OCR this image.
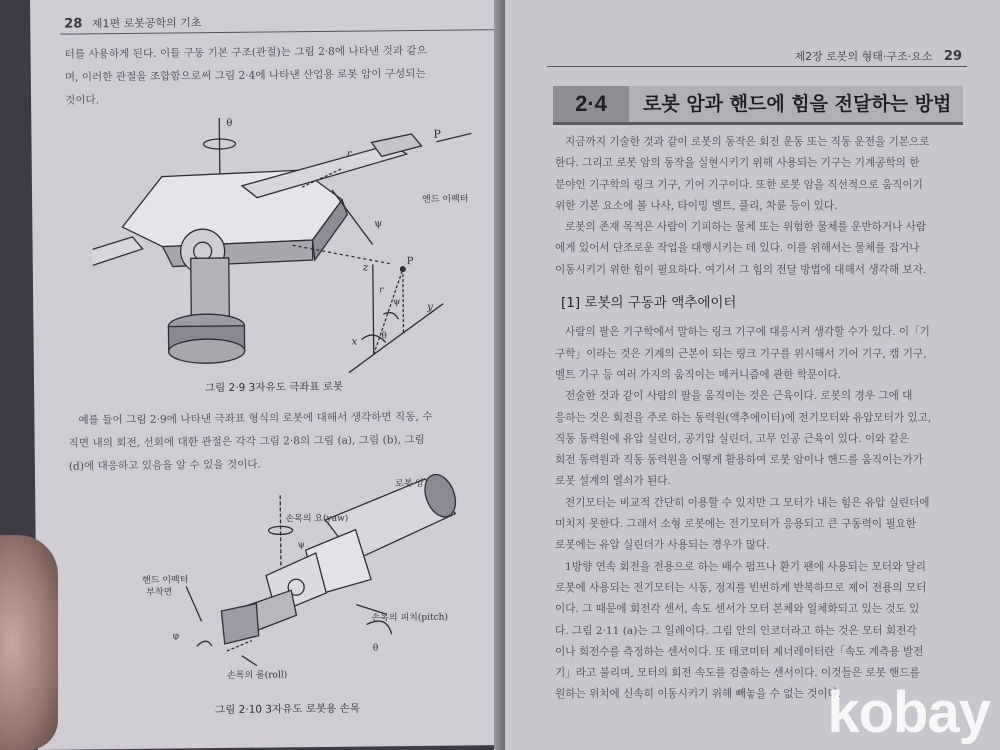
28 제1편 로봇공학의 기초
터를 사용하게 된다. 이들 구동 기본 구조(관절)는 그림 2·8에 나타낸 것과 같으
며, 이러한 관절을 조합함으로써 그림 2·4에 나타낸 산업용 로봇 암이 구성되는
것이다.
θ
P
r
엔드 이펙터
ψ
z
P
r
ψ	y
x
θ
그림 2·9 3자유도 극좌표 로봇
예를 들어 그림 2·9에 나타낸 극좌표 형식의 로봇에 대해서 생각하면 직동, 수
직면 내의 회전, 선회에 대한 관절은 각각 그림 2·8의 그림 (a), 그림 (b), 그림
(d)에 대응하고 있음을 알 수 있을 것이다.
로봇 암
손목의 요(yaw)
ψ
핸드 이펙터
부착면
φ
손목의 피치(pitch)
θ
손목의 롤(roll)
그림 2·10 3자유도 로봇용 손목
제2장 로봇의 형태·구조·요소 29
2·4	로봇 암과 핸드에 힘을 전달하는 방법
지금까지 기술한 것과 같이 로봇의 동작은 회전 운동 또는 직동 운전을 기본으로
한다. 그리고 로봇 암의 동작을 실현시키기 위해 사용되는 기구는 기계공학의 한
분야인 기구학의 링크 기구, 기어 기구이다. 또한 로봇 암을 직선적으로 움직이기
위한 기본 요소에 볼 나사, 타이밍 벨트, 풀리, 차륜 등이 있다.
로봇의 존재 목적은 사람이 기피하는 물체 또는 위험한 물체를 운반하거나 사람
에게 있어서 단조로운 작업을 대행시키는 데 있다. 이를 위해서는 물체를 잡거나
이동시키기 위한 힘이 필요하다. 여기서 그 힘의 전달 방법에 대해서 생각해 보자.
[1] 로봇의 구동과 액추에이터
사람의 팔은 기구학에서 말하는 링크 기구에 대응시켜 생각할 수가 있다. 이「기
구학」이라는 것은 기계의 근본이 되는 링크 기구를 위시해서 기어 기구, 캠 기구,
벨트 기구 등 여러 가지의 움직이는 메커니즘에 관한 학문이다.
전술한 것과 같이 사람의 팔을 움직이는 것은 근육이다. 로봇의 경우 그에 대
응하는 것은 회전을 주로 하는 동력원(액추에이터)에 전기모터와 유압모터가 있고,
직동 동력원에 유압 실린더, 공기압 실린더, 고무 인공 근육이 있다. 이와 같은
회전 동력원과 직동 동력원을 어떻게 활용하여 로봇 암이나 핸드를 움직이는가가
로봇 설계의 열쇠가 된다.
전기모터는 비교적 간단히 이용할 수 있지만 그 모터가 내는 힘은 유압 실린더에
미치지 못한다. 그래서 소형 로봇에는 전기모터가 응용되고 큰 구동력이 필요한
로봇에는 유압 실린더가 사용되는 경우가 많다.
1방향 연속 회전을 전용으로 하는 배수 펌프나 환기 팬에 사용되는 모터와 달리
로봇에 사용되는 전기모터는 시동, 정지를 빈번하게 반복하므로 제어 전용의 모터
이다. 그 때문에 회전각 센서, 속도 센서가 모터 본체와 일체화되고 있는 것도 있
다. 그림 2·11 (a)는 그 일례이다. 그림 안의 인코더라고 하는 것은 모터 회전각
이나 회전수를 측정하는 센서이다. 또 태코미터 제너레이터란「속도 계측용 발전
기」라고 불리며, 모터의 회전 속도를 검출하는 센서이다. 이것들은 로봇 핸드를
원하는 위치에 신속히 이동시키기 위해 빼놓을 수 없는 것이다.
kobay
